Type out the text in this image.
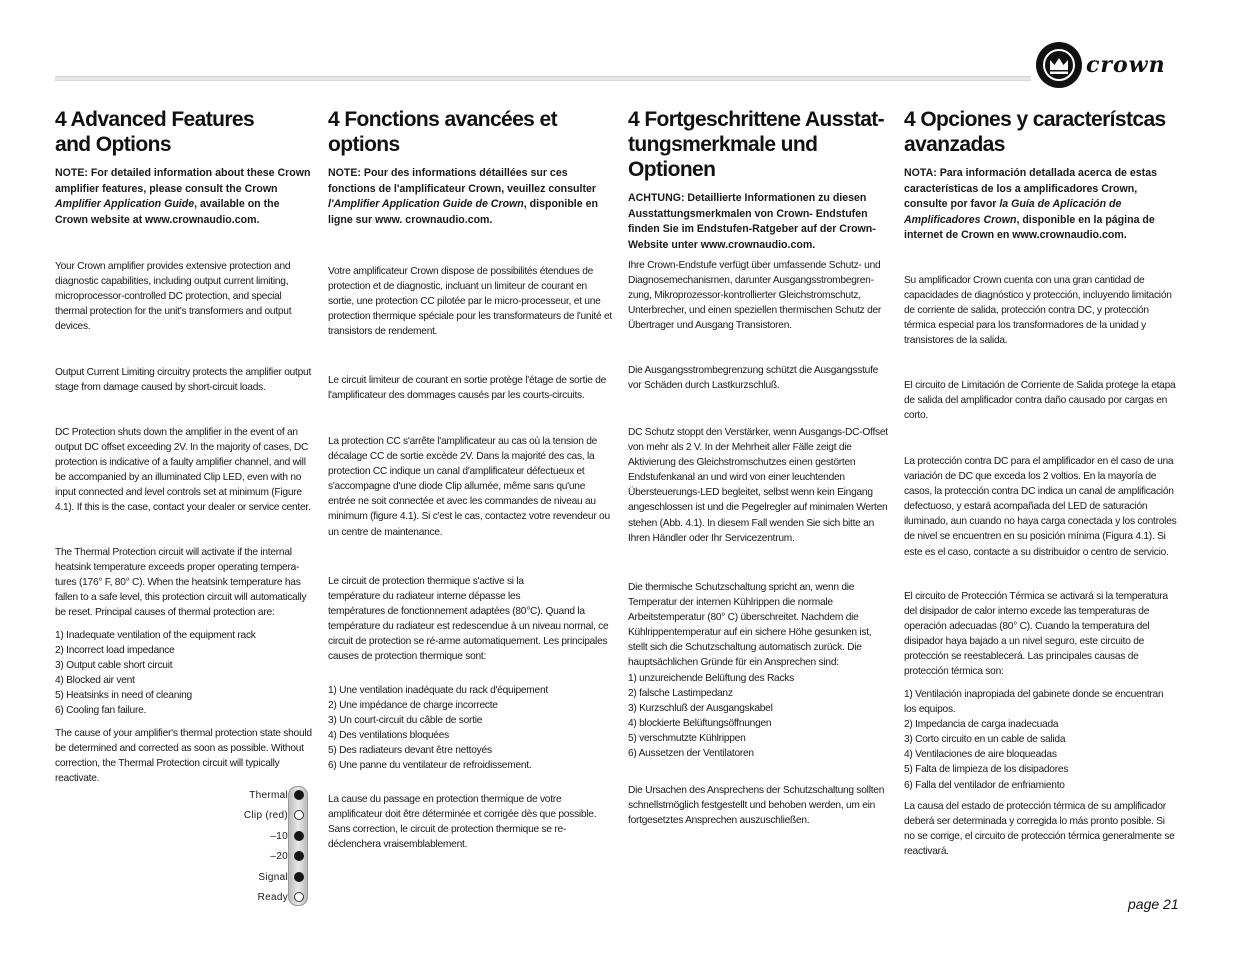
crown
4 Advanced Features
and Options

NOTE: For detailed information about these Crown amplifier features, please consult the Crown Amplifier Application Guide, available on the Crown website at www.crownaudio.com.

Your Crown amplifier provides extensive protection and diagnostic capabilities, including output current limiting, microprocessor-controlled DC protection, and special thermal protection for the unit's transformers and output devices.

Output Current Limiting circuitry protects the amplifier output stage from damage caused by short-circuit loads.

DC Protection shuts down the amplifier in the event of an output DC offset exceeding 2V. In the majority of cases, DC protection is indicative of a faulty amplifier channel, and will be accompanied by an illuminated Clip LED, even with no input connected and level controls set at minimum (Figure 4.1). If this is the case, contact your dealer or service center.

The Thermal Protection circuit will activate if the internal heatsink temperature exceeds proper operating tempera-tures (176° F, 80° C). When the heatsink temperature has fallen to a safe level, this protection circuit will automatically be reset. Principal causes of thermal protection are:

1) Inadequate ventilation of the equipment rack
2) Incorrect load impedance
3) Output cable short circuit
4) Blocked air vent
5) Heatsinks in need of cleaning
6) Cooling fan failure.

The cause of your amplifier's thermal protection state should be determined and corrected as soon as possible. Without correction, the Thermal Protection circuit will typically reactivate.

Thermal
Clip (red)
–10
–20
Signal
Ready
4 Fonctions avancées et
options

NOTE: Pour des informations détaillées sur ces
fonctions de l'amplificateur Crown, veuillez consulter l'Amplifier Application Guide de Crown, disponible en ligne sur www. crownaudio.com.

Votre amplificateur Crown dispose de possibilités étendues de protection et de diagnostic, incluant un limiteur de courant en sortie, une protection CC pilotée par le micro-processeur, et une protection thermique spéciale pour les transformateurs de l'unité et transistors de rendement.

Le circuit limiteur de courant en sortie protège l'étage de sortie de l'amplificateur des dommages causés par les courts-circuits.

La protection CC s'arrête l'amplificateur au cas où la tension de décalage CC de sortie excède 2V. Dans la majorité des cas, la protection CC indique un canal d'amplificateur défectueux et s'accompagne d'une diode Clip allumée, même sans qu'une entrée ne soit connectée et avec les commandes de niveau au minimum (figure 4.1). Si c'est le cas, contactez votre revendeur ou un centre de maintenance.

Le circuit de protection thermique s'active si la
température du radiateur interne dépasse les
températures de fonctionnement adaptées (80°C). Quand la température du radiateur est redescendue à un niveau normal, ce circuit de protection se ré-arme automatiquement. Les principales causes de protection thermique sont:

1) Une ventilation inadéquate du rack d'équipement
2) Une impédance de charge incorrecte
3) Un court-circuit du câble de sortie
4) Des ventilations bloquées
5) Des radiateurs devant être nettoyés
6) Une panne du ventilateur de refroidissement.

La cause du passage en protection thermique de votre amplificateur doit être déterminée et corrigée dès que possible. Sans correction, le circuit de protection thermique se re-déclenchera vraisemblablement.

4 Fortgeschrittene Ausstat-
tungsmerkmale und Optionen

ACHTUNG: Detaillierte Informationen zu diesen Ausstattungsmerkmalen von Crown- Endstufen finden Sie im Endstufen-Ratgeber auf der Crown-Website unter www.crownaudio.com.

Ihre Crown-Endstufe verfügt über umfassende Schutz- und Diagnosemechanismen, darunter Ausgangsstrombegren-zung, Mikroprozessor-kontrollierter Gleichstromschutz, Unterbrecher, und einen speziellen thermischen Schutz der Übertrager und Ausgang Transistoren.

Die Ausgangsstrombegrenzung schützt die Ausgangsstufe vor Schäden durch Lastkurzschluß.

DC Schutz stoppt den Verstärker, wenn Ausgangs-DC-Offset von mehr als 2 V. In der Mehrheit aller Fälle zeigt die Aktivierung des Gleichstromschutzes einen gestörten Endstufenkanal an und wird von einer leuchtenden Übersteuerungs-LED begleitet, selbst wenn kein Eingang angeschlossen ist und die Pegelregler auf minimalen Werten stehen (Abb. 4.1). In diesem Fall wenden Sie sich bitte an Ihren Händler oder Ihr Servicezentrum.

Die thermische Schutzschaltung spricht an, wenn die Temperatur der internen Kühlrippen die normale Arbeitstemperatur (80° C) überschreitet. Nachdem die Kühlrippentemperatur auf ein sichere Höhe gesunken ist, stellt sich die Schutzschaltung automatisch zurück. Die hauptsächlichen Gründe für ein Ansprechen sind:
1) unzureichende Belüftung des Racks
2) falsche Lastimpedanz
3) Kurzschluß der Ausgangskabel
4) blockierte Belüftungsöffnungen
5) verschmutzte Kühlrippen
6) Aussetzen der Ventilatoren

Die Ursachen des Ansprechens der Schutzschaltung sollten schnellstmöglich festgestellt und behoben werden, um ein fortgesetztes Ansprechen auszuschließen.

4 Opciones y característcas
avanzadas

NOTA: Para información detallada acerca de estas características de los a amplificadores Crown, consulte por favor la Guía de Aplicación de Amplificadores Crown, disponible en la página de internet de Crown en www.crownaudio.com.

Su amplificador Crown cuenta con una gran cantidad de capacidades de diagnóstico y protección, incluyendo limitación de corriente de salida, protección contra DC, y protección térmica especial para los transformadores de la unidad y transistores de la salida.

El circuito de Limitación de Corriente de Salida protege la etapa de salida del amplificador contra daño causado por cargas en corto.

La protección contra DC para el amplificador en el caso de una variación de DC que exceda los 2 voltios. En la mayoría de casos, la protección contra DC indica un canal de amplificación defectuoso, y estará acompañada del LED de saturación iluminado, aun cuando no haya carga conectada y los controles de nivel se encuentren en su posición mínima (Figura 4.1). Si este es el caso, contacte a su distribuidor o centro de servicio.

El circuito de Protección Térmica se activará si la temperatura del disipador de calor interno excede las temperaturas de operación adecuadas (80° C). Cuando la temperatura del disipador haya bajado a un nivel seguro, este circuito de protección se reestablecerá. Las principales causas de protección térmica son:

1) Ventilación inapropiada del gabinete donde se encuentran los equipos.
2) Impedancia de carga inadecuada
3) Corto circuito en un cable de salida
4) Ventilaciones de aire bloqueadas
5) Falta de limpieza de los disipadores
6) Falla del ventilador de enfriamiento

La causa del estado de protección térmica de su amplificador deberá ser determinada y corregida lo más pronto posible. Si no se corrige, el circuito de protección térmica generalmente se reactivará.

page 21
